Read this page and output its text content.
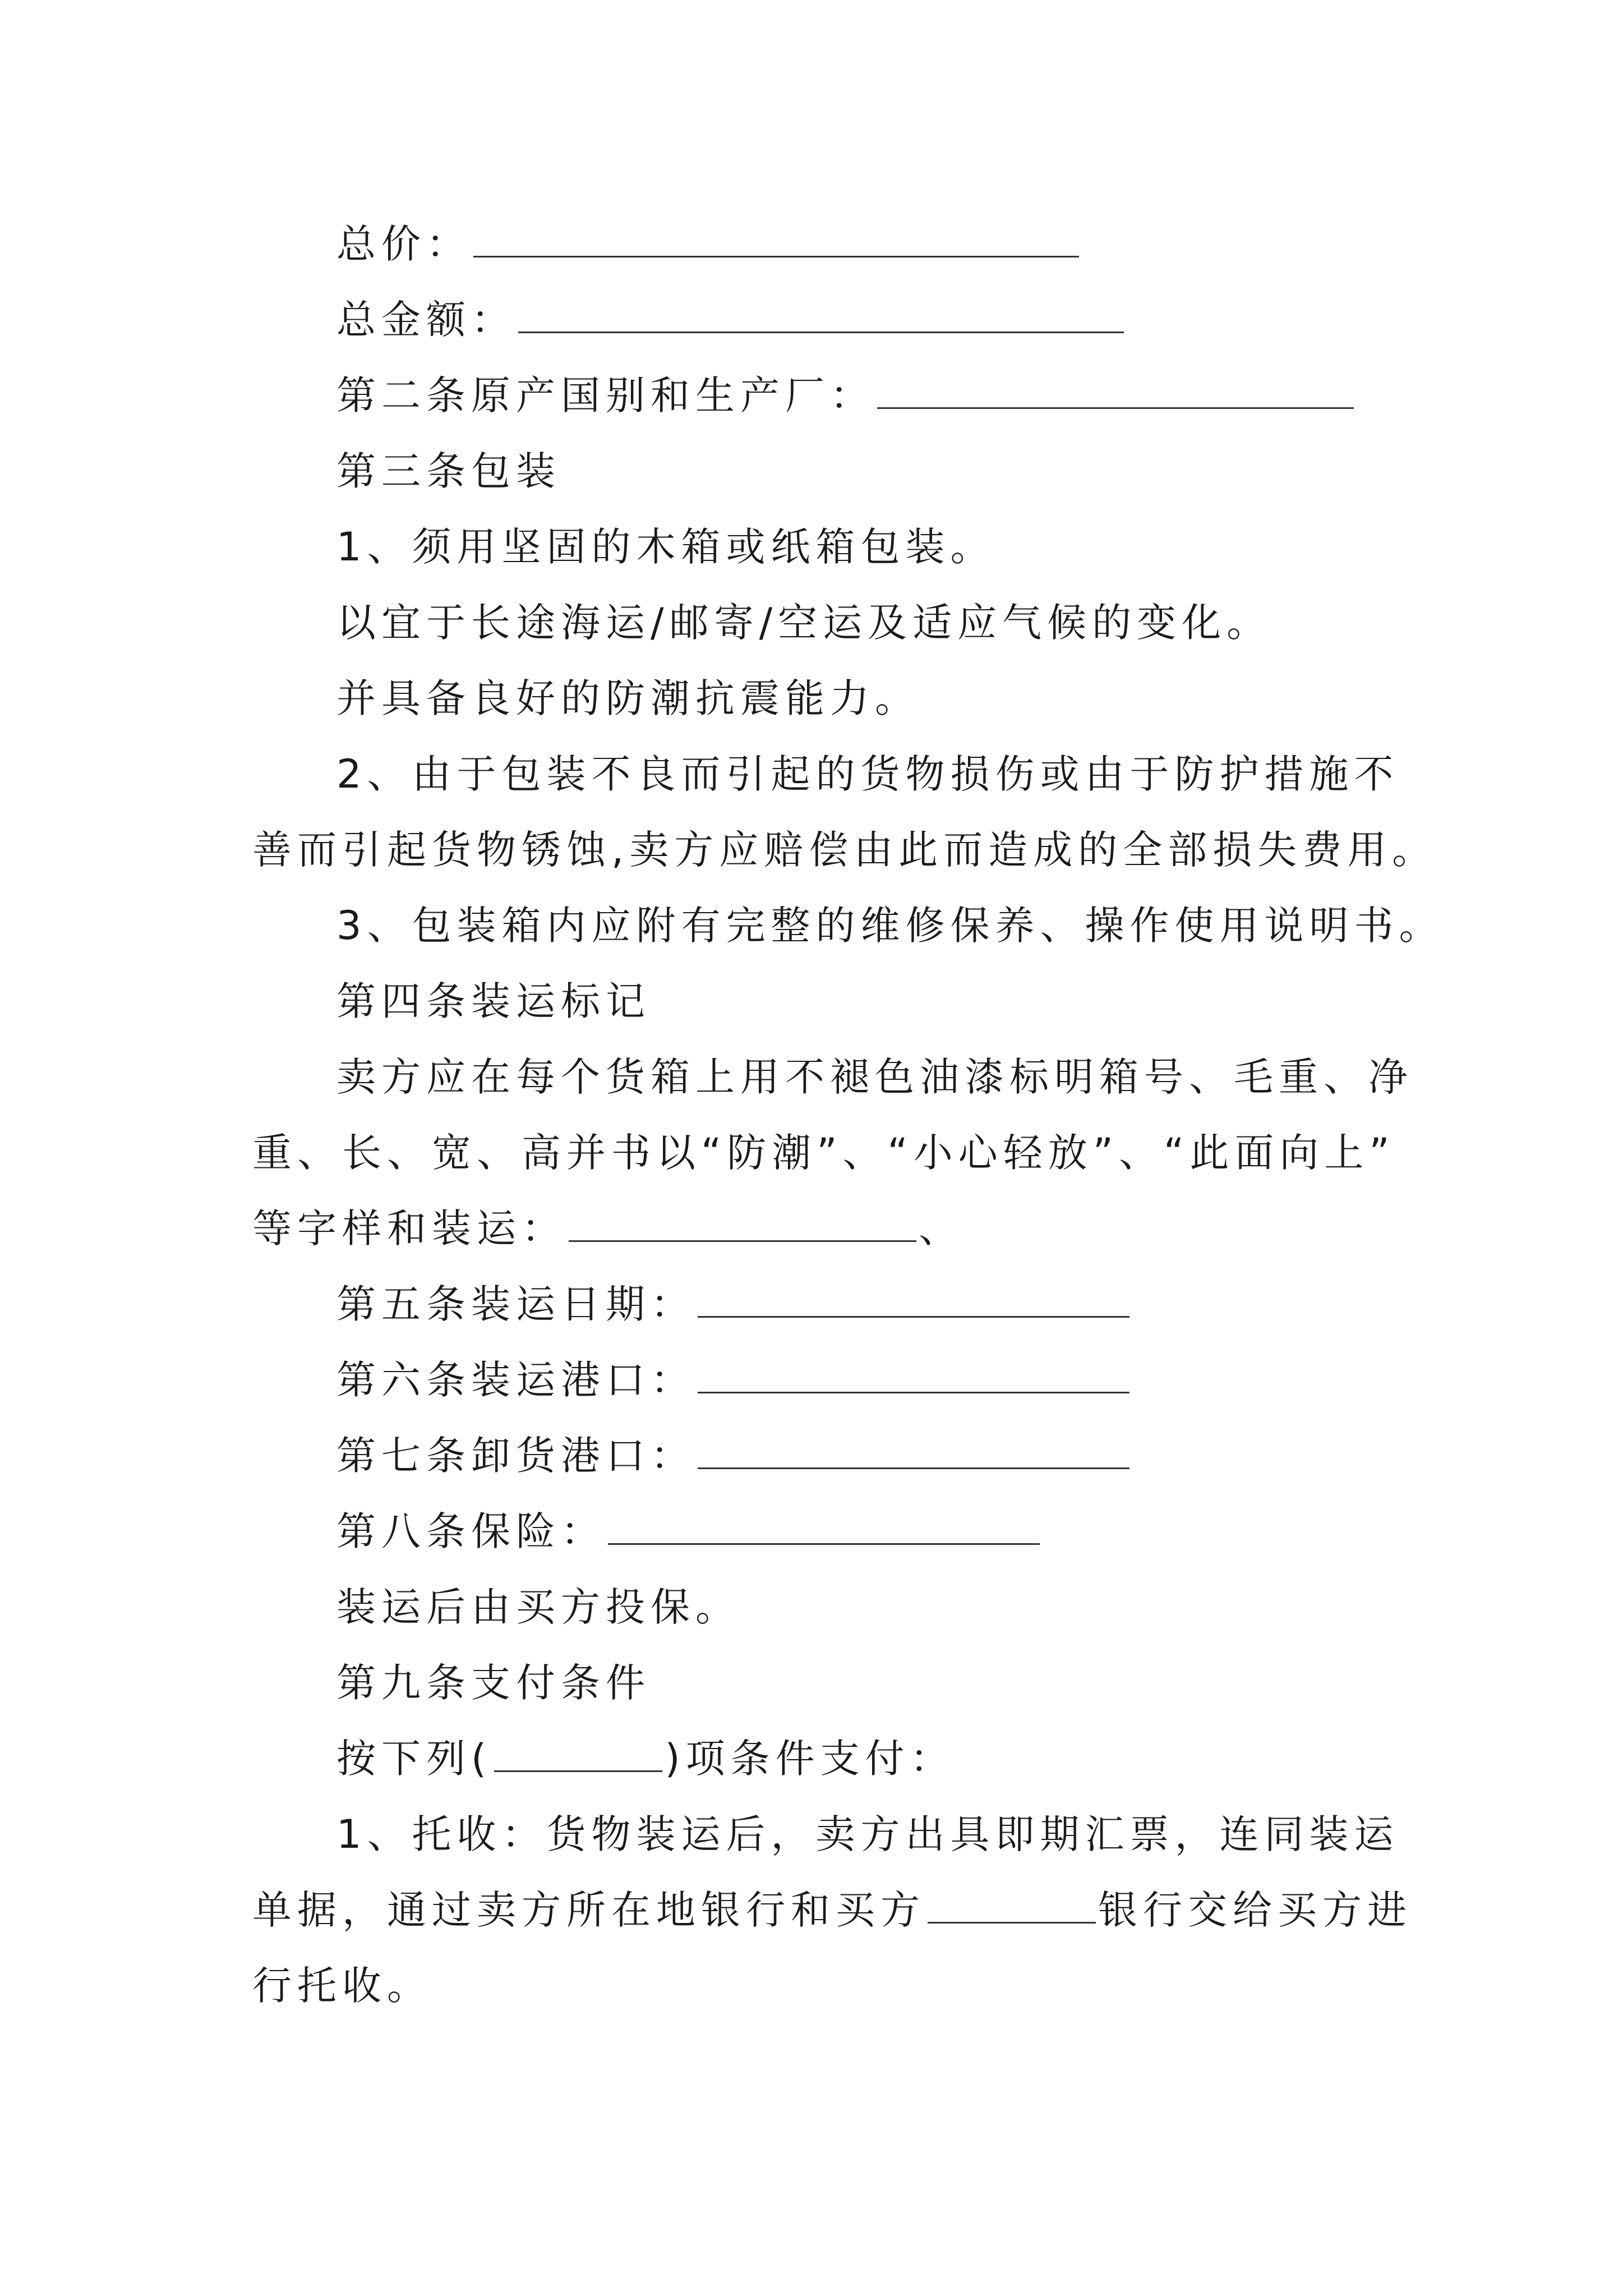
总价：
总金额：
第二条原产国别和生产厂：
第三条包装
1、须用坚固的木箱或纸箱包装。
以宜于长途海运/邮寄/空运及适应气候的变化。
并具备良好的防潮抗震能力。
2、由于包装不良而引起的货物损伤或由于防护措施不
善而引起货物锈蚀,卖方应赔偿由此而造成的全部损失费用。
3、包装箱内应附有完整的维修保养、操作使用说明书。
第四条装运标记
卖方应在每个货箱上用不褪色油漆标明箱号、毛重、净
重、长、宽、高并书以“防潮”、“小心轻放”、“此面向上”
等字样和装运：	、
第五条装运日期：
第六条装运港口：
第七条卸货港口：
第八条保险：
装运后由买方投保。
第九条支付条件
按下列(	)项条件支付：
1、托收：货物装运后，卖方出具即期汇票，连同装运
单据，通过卖方所在地银行和买方	银行交给买方进
行托收。
